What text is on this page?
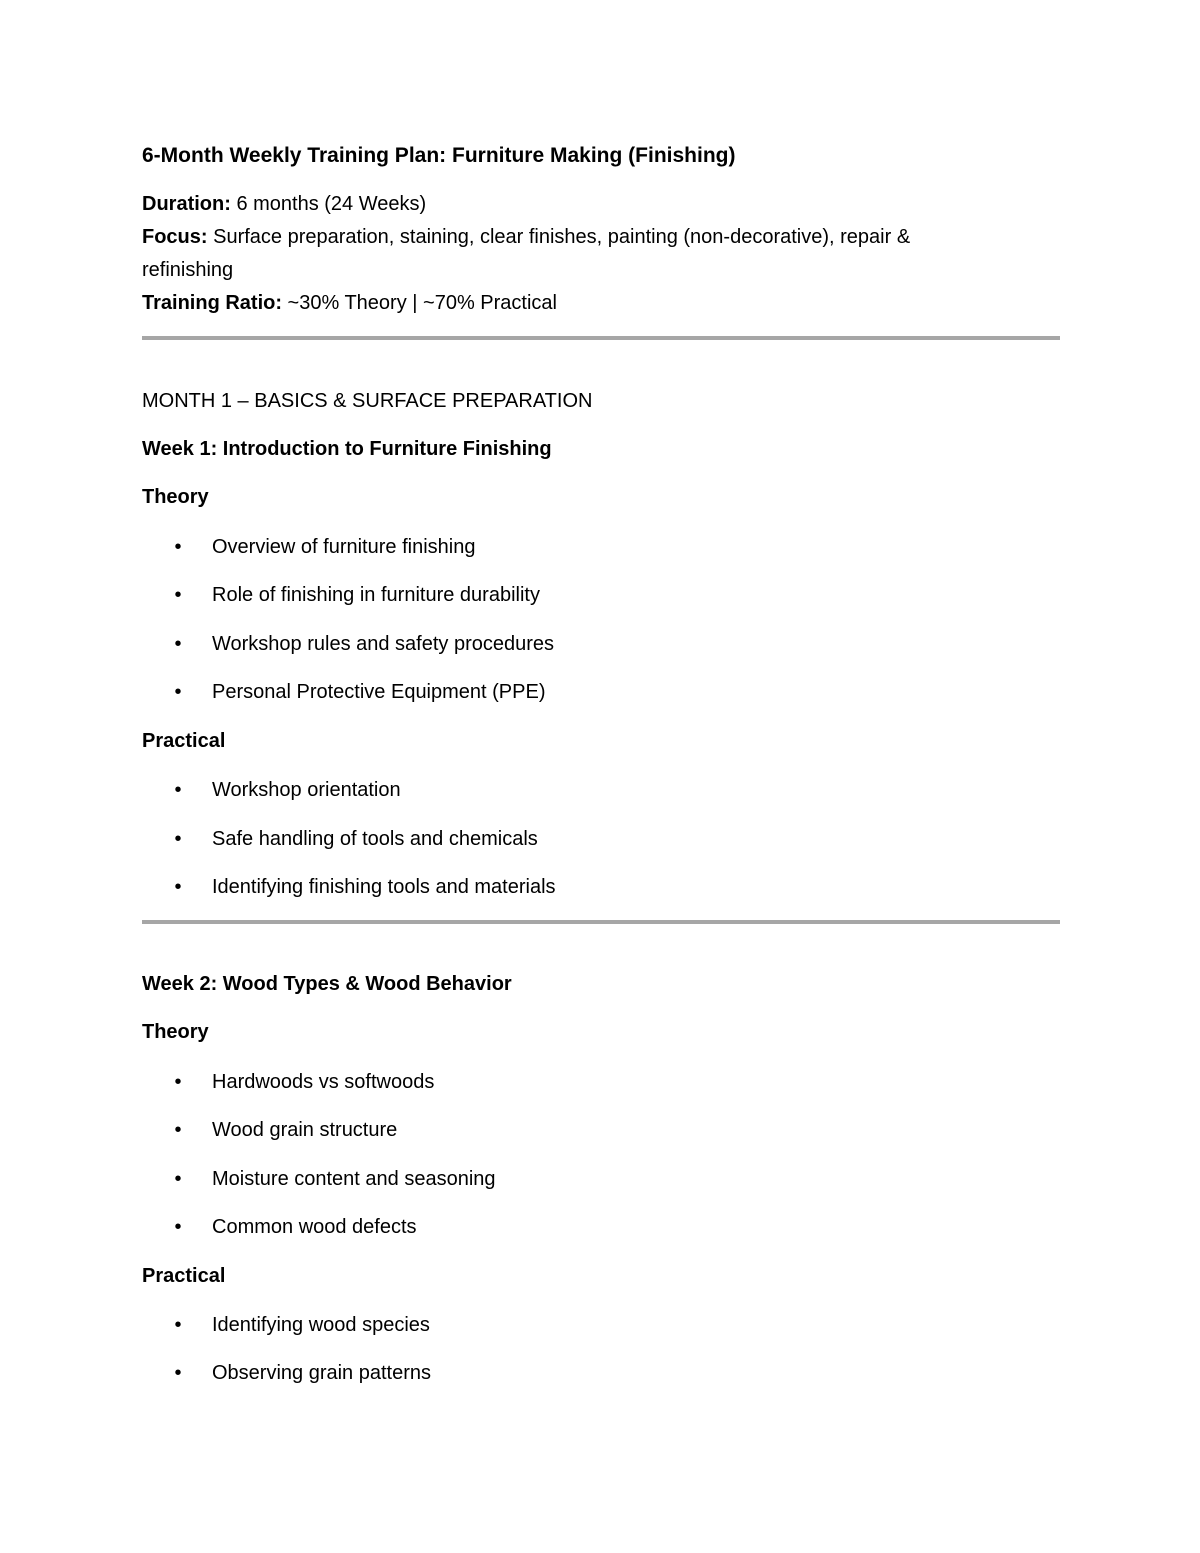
6-Month Weekly Training Plan: Furniture Making (Finishing)
Duration: 6 months (24 Weeks)
Focus: Surface preparation, staining, clear finishes, painting (non-decorative), repair & refinishing
Training Ratio: ~30% Theory | ~70% Practical
MONTH 1 – BASICS & SURFACE PREPARATION
Week 1: Introduction to Furniture Finishing
Theory
• Overview of furniture finishing
• Role of finishing in furniture durability
• Workshop rules and safety procedures
• Personal Protective Equipment (PPE)
Practical
• Workshop orientation
• Safe handling of tools and chemicals
• Identifying finishing tools and materials
Week 2: Wood Types & Wood Behavior
Theory
• Hardwoods vs softwoods
• Wood grain structure
• Moisture content and seasoning
• Common wood defects
Practical
• Identifying wood species
• Observing grain patterns
